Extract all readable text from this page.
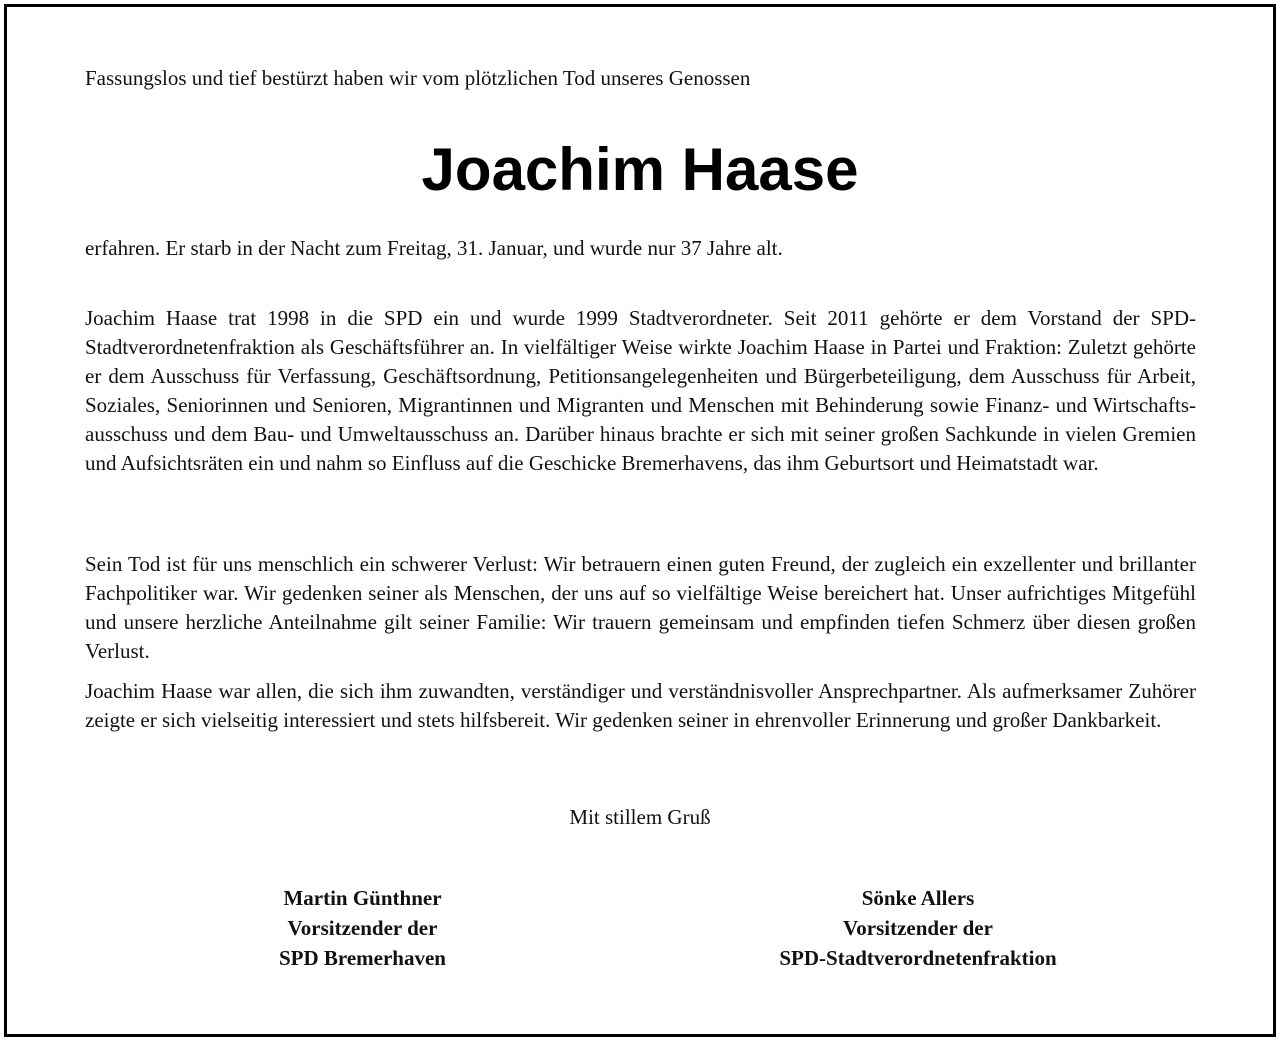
Fassungslos und tief bestürzt haben wir vom plötzlichen Tod unseres Genossen
Joachim Haase
erfahren. Er starb in der Nacht zum Freitag, 31. Januar, und wurde nur 37 Jahre alt.
Joachim Haase trat 1998 in die SPD ein und wurde 1999 Stadtverordneter. Seit 2011 gehörte er dem Vorstand der SPD-Stadtverordnetenfraktion als Geschäftsführer an. In vielfältiger Weise wirkte Joachim Haase in Partei und Fraktion: Zuletzt gehörte er dem Ausschuss für Verfassung, Geschäftsordnung, Petitionsangelegenheiten und Bürgerbeteiligung, dem Ausschuss für Arbeit, Soziales, Seniorinnen und Senioren, Migrantinnen und Migranten und Menschen mit Behinderung sowie Finanz- und Wirtschaftsausschuss und dem Bau- und Umweltausschuss an. Darüber hinaus brachte er sich mit seiner großen Sachkunde in vielen Gremien und Aufsichtsräten ein und nahm so Einfluss auf die Geschicke Bremerhavens, das ihm Geburtsort und Heimatstadt war.
Sein Tod ist für uns menschlich ein schwerer Verlust: Wir betrauern einen guten Freund, der zugleich ein exzellenter und brillanter Fachpolitiker war. Wir gedenken seiner als Menschen, der uns auf so vielfältige Weise bereichert hat. Unser aufrichtiges Mitgefühl und unsere herzliche Anteilnahme gilt seiner Familie: Wir trauern gemeinsam und empfinden tiefen Schmerz über diesen großen Verlust.
Joachim Haase war allen, die sich ihm zuwandten, verständiger und verständnisvoller Ansprechpartner. Als aufmerksamer Zuhörer zeigte er sich vielseitig interessiert und stets hilfsbereit. Wir gedenken seiner in ehrenvoller Erinnerung und großer Dankbarkeit.
Mit stillem Gruß
Martin Günthner
Vorsitzender der
SPD Bremerhaven
Sönke Allers
Vorsitzender der
SPD-Stadtverordnetenfraktion
